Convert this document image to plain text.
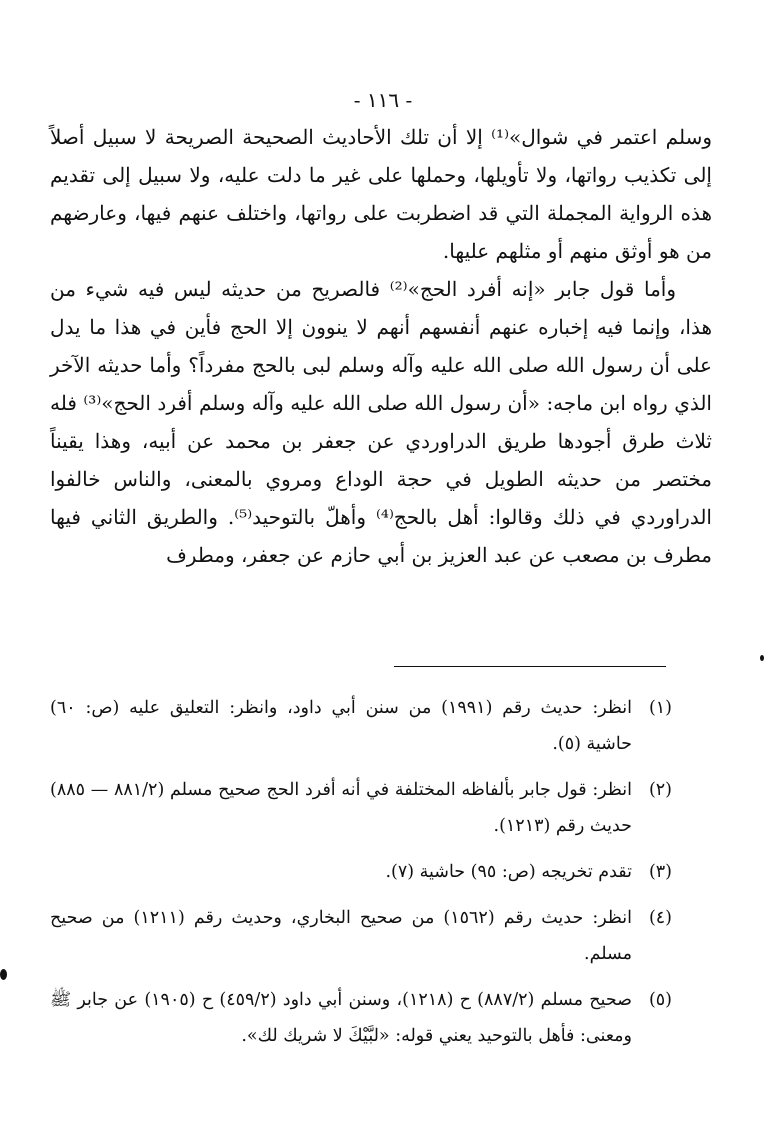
- ١١٦ -

وسلم اعتمر في شوال»⁽¹⁾ إلا أن تلك الأحاديث الصحيحة الصريحة لا سبيل أصلاً إلى تكذيب رواتها، ولا تأويلها، وحملها على غير ما دلت عليه، ولا سبيل إلى تقديم هذه الرواية المجملة التي قد اضطربت على رواتها، واختلف عنهم فيها، وعارضهم من هو أوثق منهم أو مثلهم عليها.

وأما قول جابر «إنه أفرد الحج»⁽²⁾ فالصريح من حديثه ليس فيه شيء من هذا، وإنما فيه إخباره عنهم أنفسهم أنهم لا ينوون إلا الحج فأين في هذا ما يدل على أن رسول الله صلى الله عليه وآله وسلم لبى بالحج مفرداً؟ وأما حديثه الآخر الذي رواه ابن ماجه: «أن رسول الله صلى الله عليه وآله وسلم أفرد الحج»⁽³⁾ فله ثلاث طرق أجودها طريق الدراوردي عن جعفر بن محمد عن أبيه، وهذا يقيناً مختصر من حديثه الطويل في حجة الوداع ومروي بالمعنى، والناس خالفوا الدراوردي في ذلك وقالوا: أهل بالحج⁽⁴⁾ وأهلّ بالتوحيد⁽⁵⁾. والطريق الثاني فيها مطرف بن مصعب عن عبد العزيز بن أبي حازم عن جعفر، ومطرف

(١)
انظر: حديث رقم (١٩٩١) من سنن أبي داود، وانظر: التعليق عليه (ص: ٦٠) حاشية (٥).
(٢)
انظر: قول جابر بألفاظه المختلفة في أنه أفرد الحج صحيح مسلم (٨٨١/٢ — ٨٨٥) حديث رقم (١٢١٣).
(٣)
تقدم تخريجه (ص: ٩٥) حاشية (٧).
(٤)
انظر: حديث رقم (١٥٦٢) من صحيح البخاري، وحديث رقم (١٢١١) من صحيح مسلم.
(٥)
صحيح مسلم (٨٨٧/٢) ح (١٢١٨)، وسنن أبي داود (٤٥٩/٢) ح (١٩٠٥) عن جابر ﷺ ومعنى: فأهل بالتوحيد يعني قوله: «لبَّيْكَ لا شريك لك».
